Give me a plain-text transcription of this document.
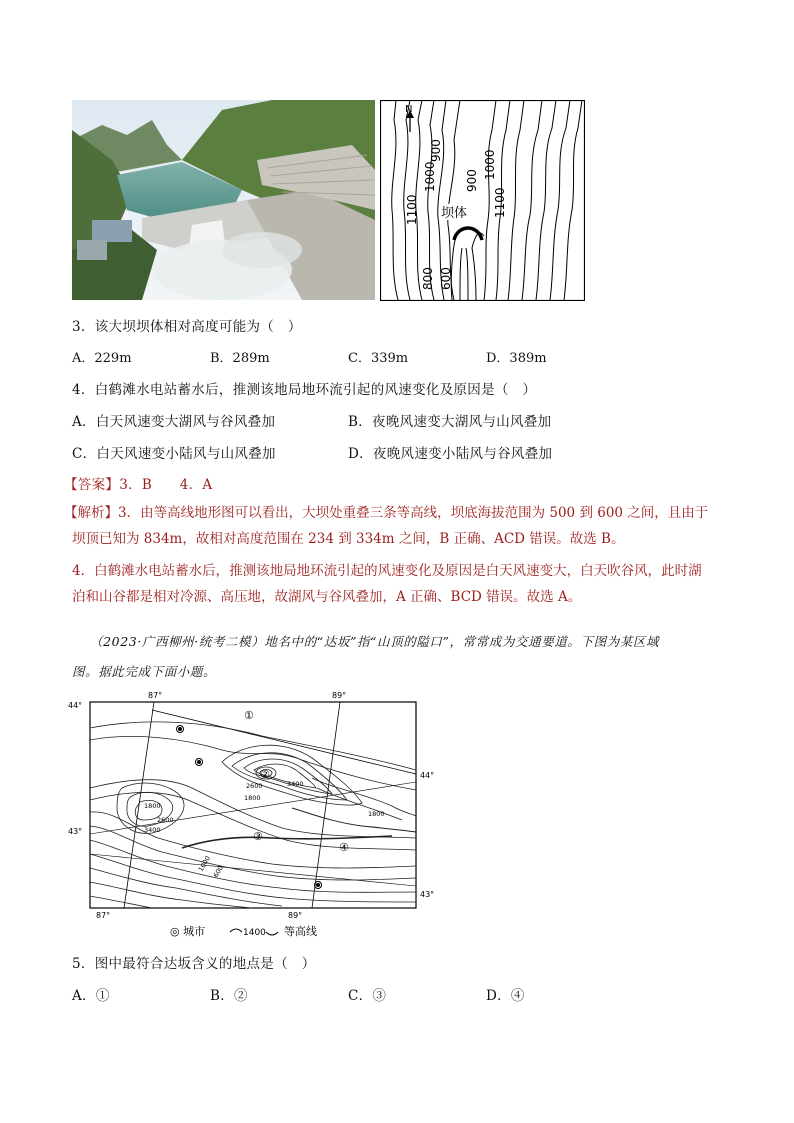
N
坝体
1100
1000
900
900
1000
1100
800 600
3．该大坝坝体相对高度可能为（　）
A．229m	B．289m	C．339m	D．389m
4．白鹤滩水电站蓄水后，推测该地局地环流引起的风速变化及原因是（　）
A．白天风速变大湖风与谷风叠加	B．夜晚风速变大湖风与山风叠加
C．白天风速变小陆风与山风叠加	D．夜晚风速变小陆风与谷风叠加
【答案】3．B　　4．A
【解析】3．由等高线地形图可以看出，大坝处重叠三条等高线，坝底海拔范围为 500 到 600 之间，且由于
坝顶已知为 834m，故相对高度范围在 234 到 334m 之间，B 正确、ACD 错误。故选 B。
4．白鹤滩水电站蓄水后，推测该地局地环流引起的风速变化及原因是白天风速变大，白天吹谷风，此时湖
泊和山谷都是相对冷源、高压地，故湖风与谷风叠加，A 正确、BCD 错误。故选 A。
（2023·广西柳州·统考二模）地名中的“达坂”指“山顶的隘口”，常常成为交通要道。下图为某区域
图。据此完成下面小题。
①
②
③
④
3400
2600
1800
1800
2600
3400
1800
1000 600
87°	89°
44°
43°
44°
43°
87°	89°
◎ 城市	1400 等高线
5．图中最符合达坂含义的地点是（　）
A．①	B．②	C．③	D．④
